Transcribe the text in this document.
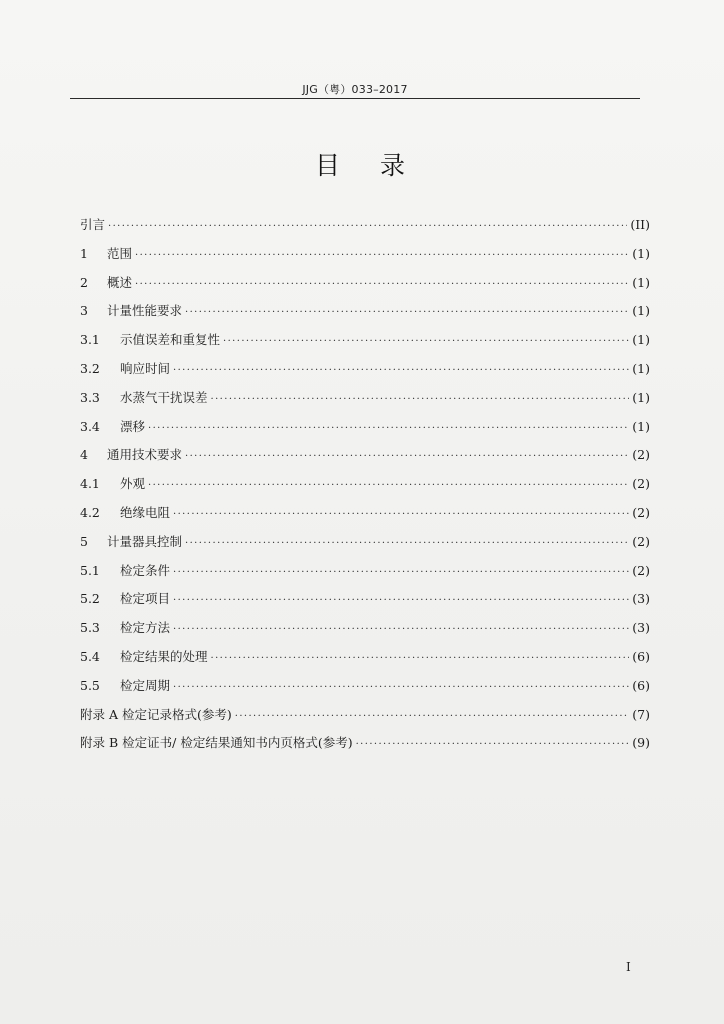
JJG（粤）033–2017
目录
引言 ·····	(II)
1	范围 ·····	(1)
2	概述 ·····	(1)
3	计量性能要求 ·····	(1)
3.1	示值误差和重复性 ·····	(1)
3.2	响应时间 ·····	(1)
3.3	水蒸气干扰误差 ·····	(1)
3.4	漂移 ·····	(1)
4	通用技术要求 ·····	(2)
4.1	外观 ·····	(2)
4.2	绝缘电阻 ·····	(2)
5	计量器具控制 ·····	(2)
5.1	检定条件 ·····	(2)
5.2	检定项目 ·····	(3)
5.3	检定方法 ·····	(3)
5.4	检定结果的处理 ·····	(6)
5.5	检定周期 ·····	(6)
附录 A 检定记录格式(参考) ·····	(7)
附录 B 检定证书/ 检定结果通知书内页格式(参考) ·····	(9)
I
